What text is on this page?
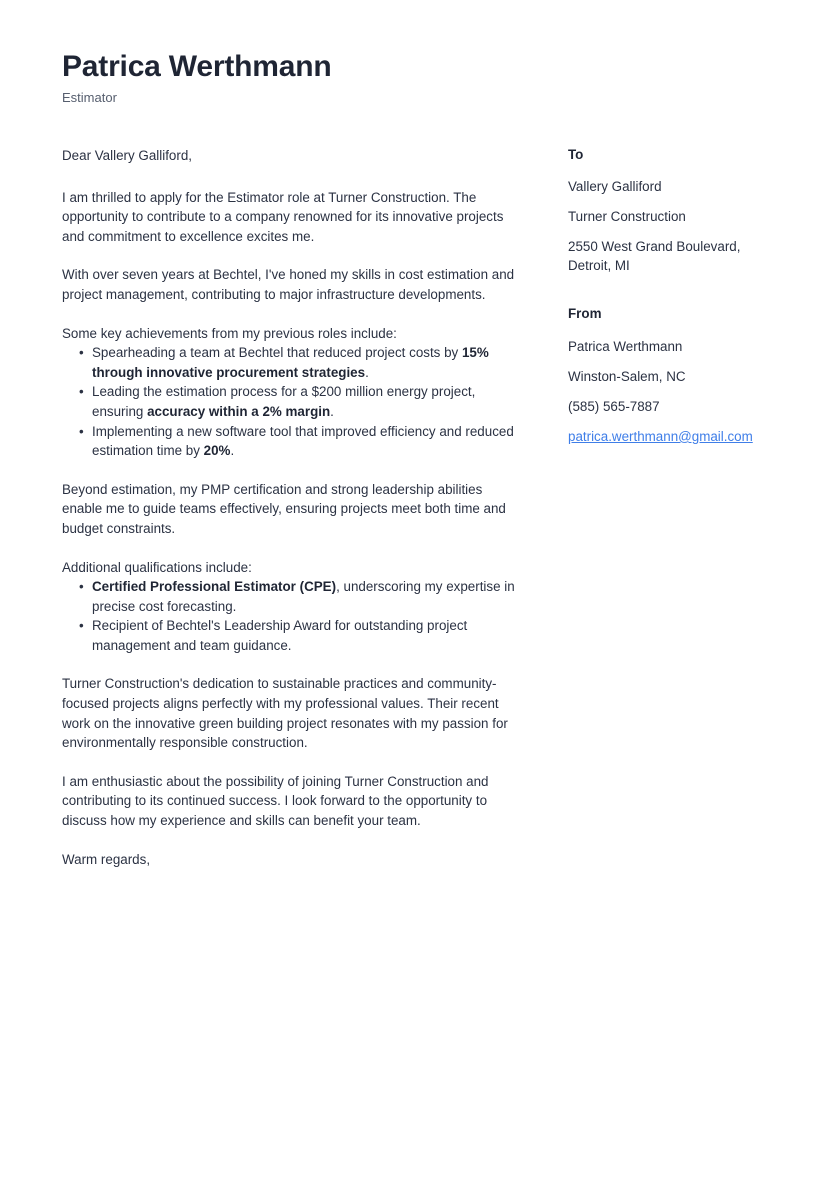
Patrica Werthmann
Estimator

Dear Vallery Galliford,

I am thrilled to apply for the Estimator role at Turner Construction. The opportunity to contribute to a company renowned for its innovative projects and commitment to excellence excites me.

With over seven years at Bechtel, I've honed my skills in cost estimation and project management, contributing to major infrastructure developments.

Some key achievements from my previous roles include:

• Spearheading a team at Bechtel that reduced project costs by 15% through innovative procurement strategies.
• Leading the estimation process for a $200 million energy project, ensuring accuracy within a 2% margin.
• Implementing a new software tool that improved efficiency and reduced estimation time by 20%.

Beyond estimation, my PMP certification and strong leadership abilities enable me to guide teams effectively, ensuring projects meet both time and budget constraints.

Additional qualifications include:

• Certified Professional Estimator (CPE), underscoring my expertise in precise cost forecasting.
• Recipient of Bechtel's Leadership Award for outstanding project management and team guidance.

Turner Construction's dedication to sustainable practices and community-focused projects aligns perfectly with my professional values. Their recent work on the innovative green building project resonates with my passion for environmentally responsible construction.

I am enthusiastic about the possibility of joining Turner Construction and contributing to its continued success. I look forward to the opportunity to discuss how my experience and skills can benefit your team.

Warm regards,

To
Vallery Galliford
Turner Construction
2550 West Grand Boulevard, Detroit, MI
From
Patrica Werthmann
Winston-Salem, NC
(585) 565-7887
patrica.werthmann@gmail.com
